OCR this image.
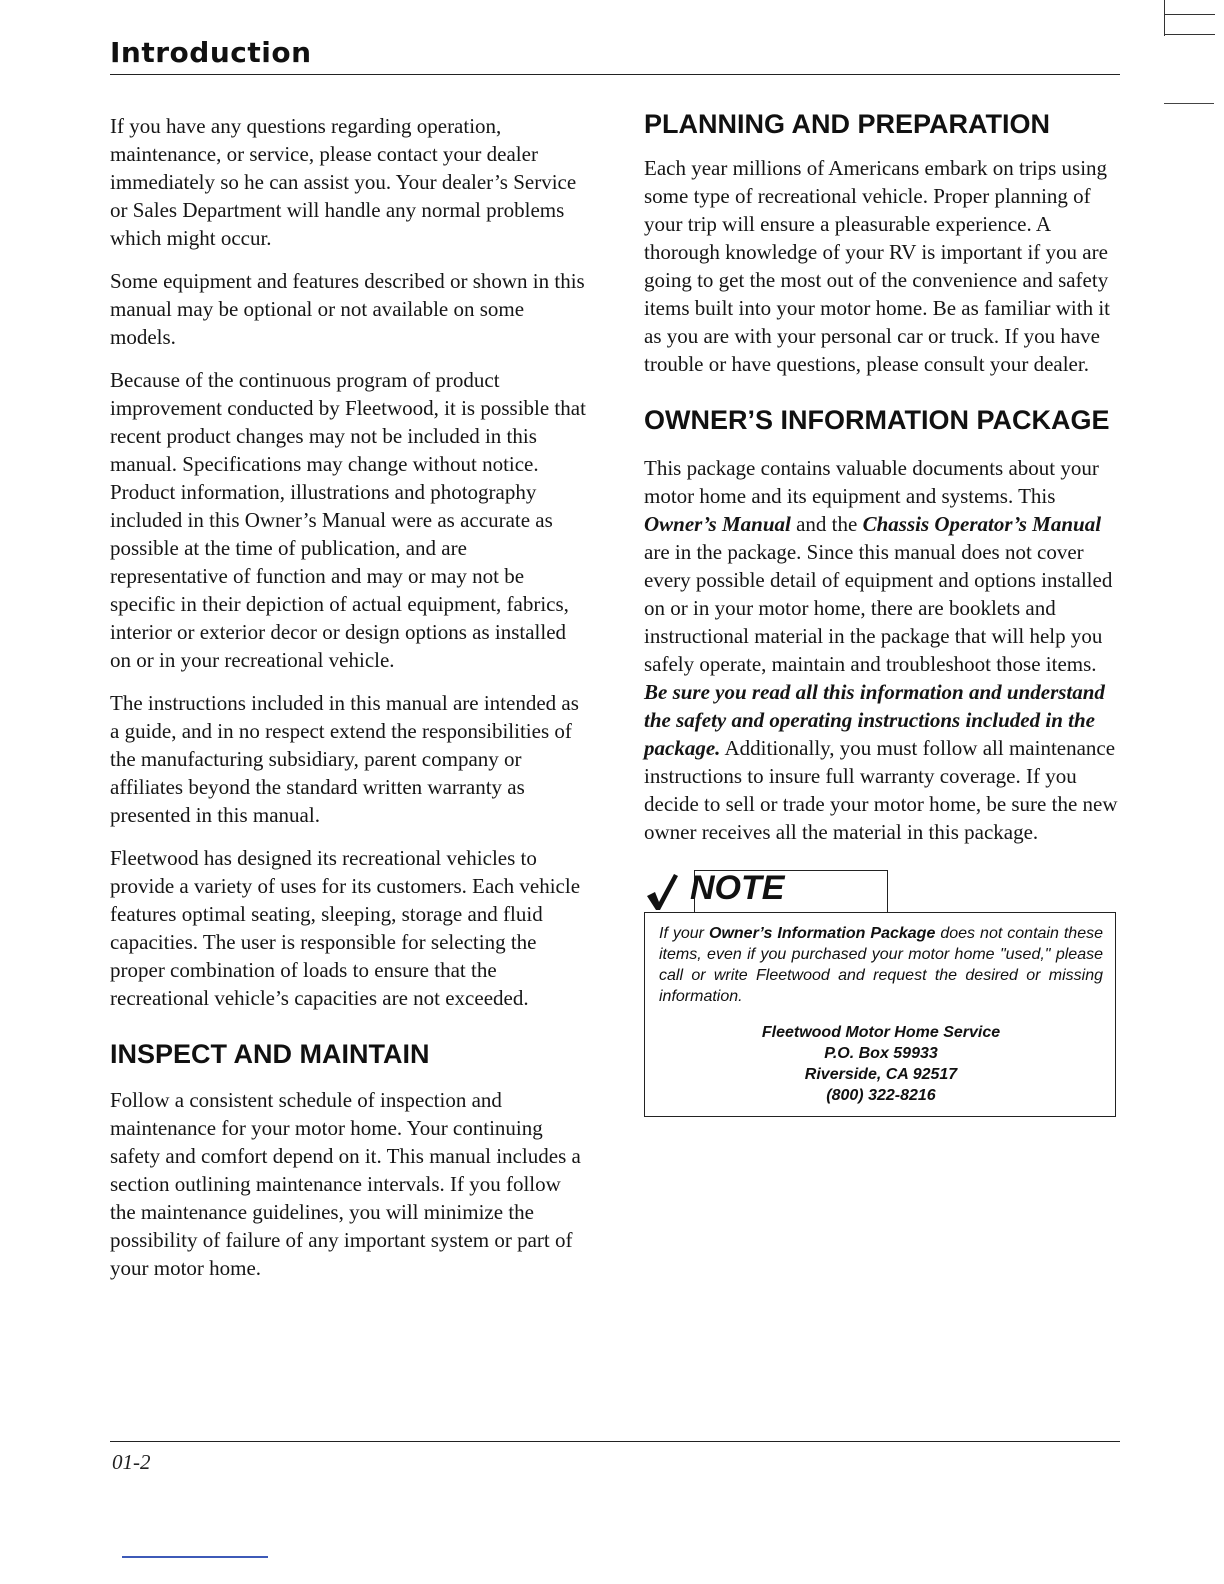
Introduction

If you have any questions regarding operation, maintenance, or service, please contact your dealer immediately so he can assist you. Your dealer’s Service or Sales Department will handle any normal problems which might occur.

Some equipment and features described or shown in this manual may be optional or not available on some models.

Because of the continuous program of product improvement conducted by Fleetwood, it is possible that recent product changes may not be included in this manual. Specifications may change without notice. Product information, illustrations and photography included in this Owner’s Manual were as accurate as possible at the time of publication, and are representative of function and may or may not be specific in their depiction of actual equipment, fabrics, interior or exterior decor or design options as installed on or in your recreational vehicle.

The instructions included in this manual are intended as a guide, and in no respect extend the responsibilities of the manufacturing subsidiary, parent company or affiliates beyond the standard written warranty as presented in this manual.

Fleetwood has designed its recreational vehicles to provide a variety of uses for its customers. Each vehicle features optimal seating, sleeping, storage and fluid capacities. The user is responsible for selecting the proper combination of loads to ensure that the recreational vehicle’s capacities are not exceeded.

INSPECT AND MAINTAIN

Follow a consistent schedule of inspection and maintenance for your motor home. Your continuing safety and comfort depend on it. This manual includes a section outlining maintenance intervals. If you follow the maintenance guidelines, you will minimize the possibility of failure of any important system or part of your motor home.

PLANNING AND PREPARATION

Each year millions of Americans embark on trips using some type of recreational vehicle. Proper planning of your trip will ensure a pleasurable experience. A thorough knowledge of your RV is important if you are going to get the most out of the convenience and safety items built into your motor home. Be as familiar with it as you are with your personal car or truck. If you have trouble or have questions, please consult your dealer.

OWNER’S INFORMATION PACKAGE

This package contains valuable documents about your motor home and its equipment and systems. This Owner’s Manual and the Chassis Operator’s Manual are in the package. Since this manual does not cover every possible detail of equipment and options installed on or in your motor home, there are booklets and instructional material in the package that will help you safely operate, maintain and troubleshoot those items. Be sure you read all this information and understand the safety and operating instructions included in the package. Additionally, you must follow all maintenance instructions to insure full warranty coverage. If you decide to sell or trade your motor home, be sure the new owner receives all the material in this package.

NOTE

If your Owner’s Information Package does not contain these items, even if you purchased your motor home "used," please call or write Fleetwood and request the desired or missing information.

Fleetwood Motor Home Service
P.O. Box 59933
Riverside, CA 92517
(800) 322-8216
01-2
